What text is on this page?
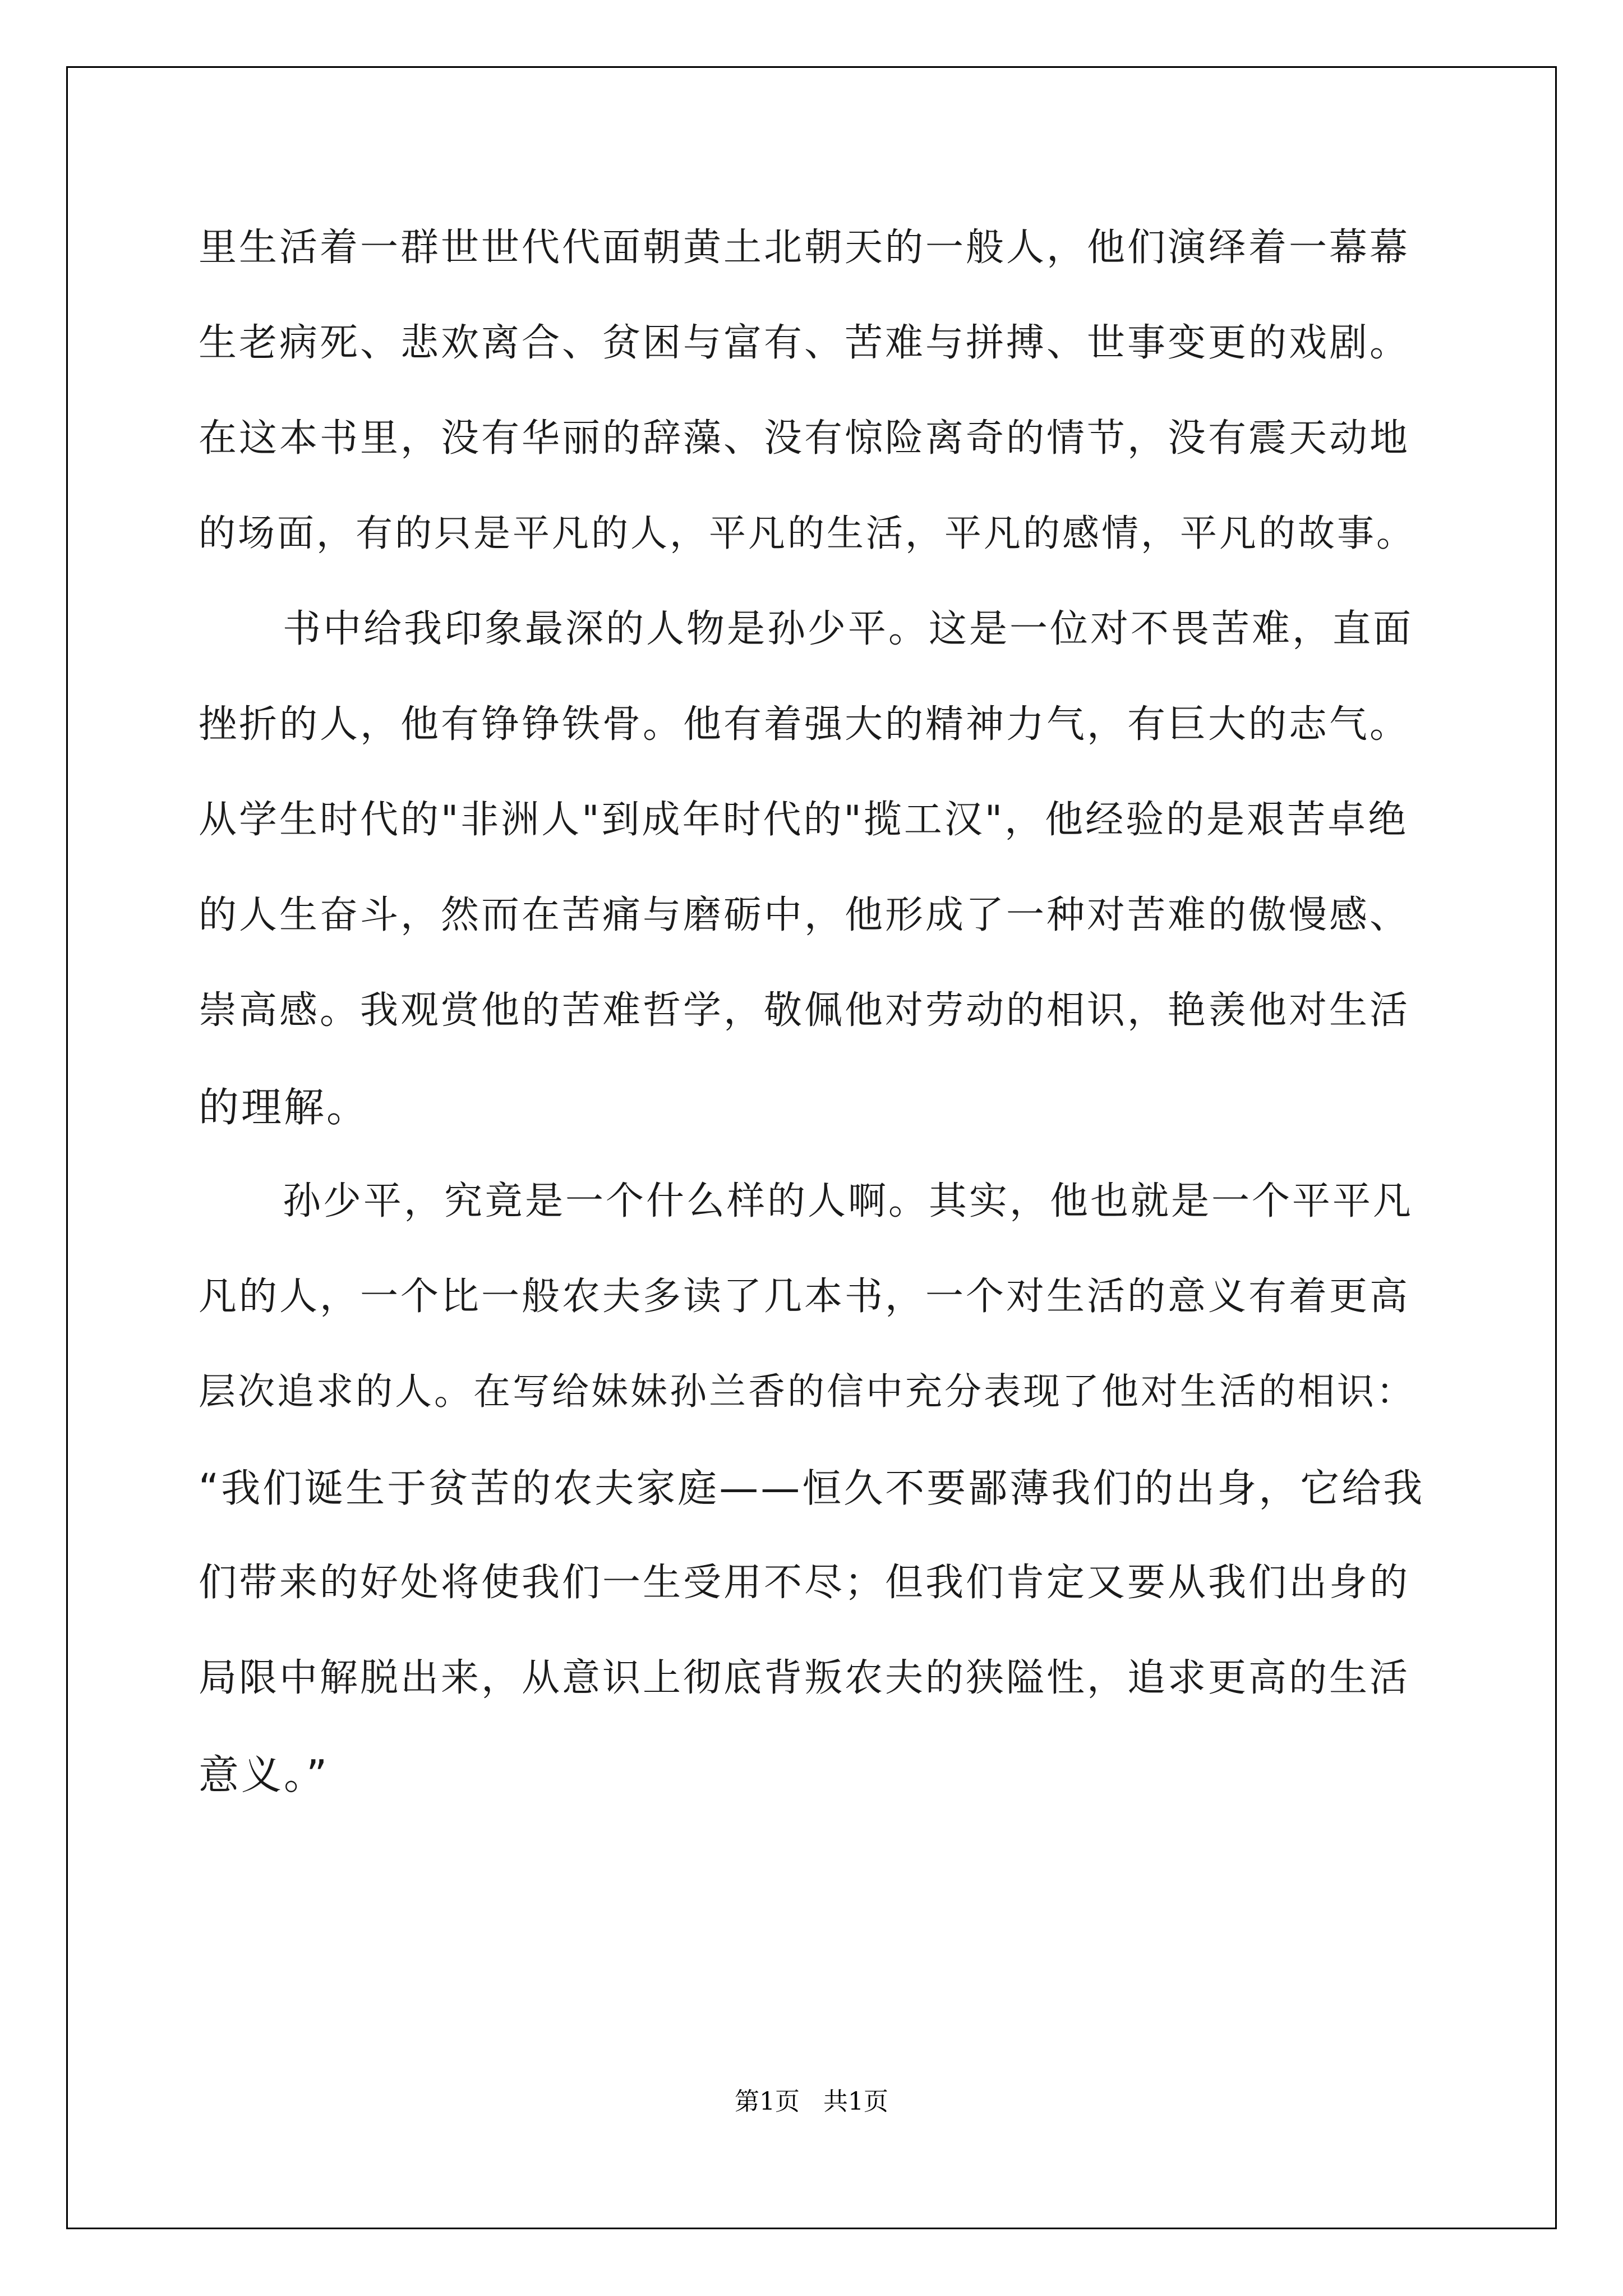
里生活着一群世世代代面朝黄土北朝天的一般人，他们演绎着一幕幕

生老病死、悲欢离合、贫困与富有、苦难与拼搏、世事变更的戏剧。

在这本书里，没有华丽的辞藻、没有惊险离奇的情节，没有震天动地

的场面，有的只是平凡的人，平凡的生活，平凡的感情，平凡的故事。

书中给我印象最深的人物是孙少平。这是一位对不畏苦难，直面

挫折的人，他有铮铮铁骨。他有着强大的精神力气，有巨大的志气。

从学生时代的"非洲人"到成年时代的"揽工汉"，他经验的是艰苦卓绝

的人生奋斗，然而在苦痛与磨砺中，他形成了一种对苦难的傲慢感、

崇高感。我观赏他的苦难哲学，敬佩他对劳动的相识，艳羡他对生活

的理解。

孙少平，究竟是一个什么样的人啊。其实，他也就是一个平平凡

凡的人，一个比一般农夫多读了几本书，一个对生活的意义有着更高

层次追求的人。在写给妹妹孙兰香的信中充分表现了他对生活的相识：

“我们诞生于贫苦的农夫家庭——恒久不要鄙薄我们的出身，它给我

们带来的好处将使我们一生受用不尽；但我们肯定又要从我们出身的

局限中解脱出来，从意识上彻底背叛农夫的狭隘性，追求更高的生活

意义。”

第1页   共1页
